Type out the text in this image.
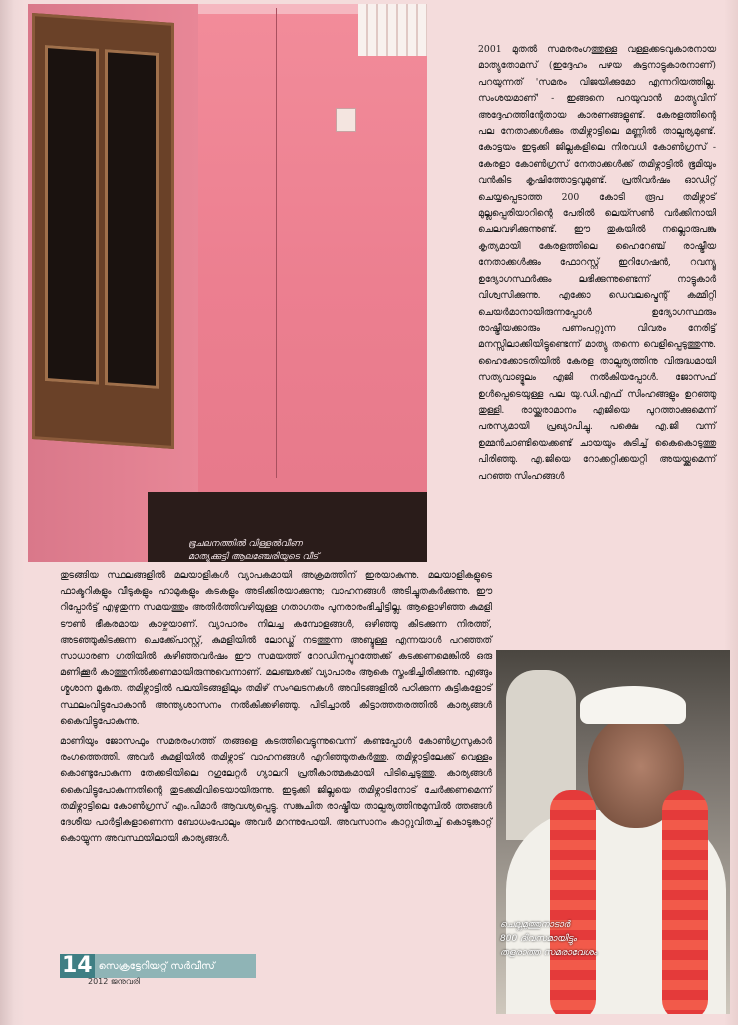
ഭൂചലനത്തിൽ വിള്ളൽവീണ
മാത്യുക്കുട്ടി ആലഞ്ചേരിയുടെ വീട്

2001 മുതൽ സമരരംഗത്തുള്ള വള്ളക്കടവുകാരനായ മാത്യുതോമസ് (ഇദ്ദേഹം പഴയ കുട്ടനാട്ടുകാരനാണ്) പറയുന്നത് 'സമരം വിജയിക്കുമോ എന്നറിയത്തില്ല. സംശയമാണ്' - ഇങ്ങനെ പറയുവാൻ മാത്യുവിന് അദ്ദേഹത്തിന്റേതായ കാരണങ്ങളുണ്ട്. കേരളത്തിന്റെ പല നേതാക്കൾക്കും തമിഴ്നാട്ടിലെ മണ്ണിൽ താല്പര്യമുണ്ട്. കോട്ടയം ഇടുക്കി ജില്ലകളിലെ നിരവധി കോൺഗ്രസ് - കേരളാ കോൺഗ്രസ് നേതാക്കൾക്ക് തമിഴ്നാട്ടിൽ ഭൂമിയും വൻകിട കൃഷിത്തോട്ടവുമുണ്ട്. പ്രതിവർഷം ഓഡിറ്റ് ചെയ്യപ്പെടാത്ത 200 കോടി രൂപ തമിഴ്നാട് മുല്ലപ്പെരിയാറിന്റെ പേരിൽ ലെയ്സൺ വർക്കിനായി ചെലവഴിക്കുന്നുണ്ട്. ഈ തുകയിൽ നല്ലൊരുപങ്കു കൃത്യമായി കേരളത്തിലെ ഹൈറേഞ്ച് രാഷ്ട്രീയ നേതാക്കൾക്കും ഫോറസ്റ്റ് ഇറിഗേഷൻ, റവന്യൂ ഉദ്യോഗസ്ഥർക്കും ലഭിക്കുന്നുണ്ടെന്ന് നാട്ടുകാർ വിശ്വസിക്കുന്നു. എക്കോ ഡെവലപ്മെന്റ് കമ്മിറ്റി ചെയർമാനായിരുന്നപ്പോൾ ഉദ്യോഗസ്ഥരും രാഷ്ട്രീയക്കാരും പണംപറ്റുന്ന വിവരം നേരിട്ട് മനസ്സിലാക്കിയിട്ടുണ്ടെന്ന് മാത്യു തന്നെ വെളിപ്പെടുത്തുന്നു. ഹൈക്കോടതിയിൽ കേരള താല്പര്യത്തിനു വിരുദ്ധമായി സത്യവാങ്മൂലം എജി നൽകിയപ്പോൾ. ജോസഫ് ഉൾപ്പെടെയുള്ള പല യു.ഡി.എഫ് സിംഹങ്ങളും ഉറഞ്ഞു തുള്ളി. രായ്ക്കുരാമാനം എജിയെ പുറത്താക്കുമെന്ന് പരസ്യമായി പ്രഖ്യാപിച്ചു. പക്ഷെ എ.ജി വന്ന് ഉമ്മൻചാണ്ടിയെക്കണ്ട് ചായയും കുടിച്ച് കൈകൊടുത്തു പിരിഞ്ഞു. എ.ജിയെ റോക്കറ്റിക്കയറ്റി അയയ്ക്കുമെന്ന് പറഞ്ഞ സിംഹങ്ങൾ

തുടങ്ങിയ സ്ഥലങ്ങളിൽ മലയാളികൾ വ്യാപകമായി അക്രമത്തിന് ഇരയാകുന്നു. മലയാളികളുടെ ഫാക്ടറികളും വീടുകളും ഹാമുകളും കടകളും അടിക്കിരയാക്കുന്നു; വാഹനങ്ങൾ അടിച്ചുതകർക്കുന്നു. ഈ റിപ്പോർട്ട് എഴുതുന്ന സമയത്തും അതിർത്തിവഴിയുള്ള ഗതാഗതം പുനരാരംഭിച്ചിട്ടില്ല. ആളൊഴിഞ്ഞ കുമളി ടൗൺ ഭീകരമായ കാഴ്ചയാണ്. വ്യാപാരം നിലച്ച കമ്പോളങ്ങൾ, ഒഴിഞ്ഞു കിടക്കുന്ന നിരത്ത്, അടഞ്ഞുകിടക്കുന്ന ചെക്ക്പോസ്റ്റ്, കുമളിയിൽ ലോഡ്ജ് നടത്തുന്ന അബ്ദുള്ള എന്നയാൾ പറഞ്ഞത് സാധാരണ ഗതിയിൽ കഴിഞ്ഞവർഷം ഈ സമയത്ത് റോഡിനപ്പുറത്തേക്ക് കടക്കണമെങ്കിൽ ഒരു മണിക്കൂർ കാത്തുനിൽക്കണമായിരുന്നുവെന്നാണ്. മലഞ്ചരക്ക് വ്യാപാരം ആകെ സ്തംഭിച്ചിരിക്കുന്നു. എങ്ങും ശ്മശാന മൂകത. തമിഴ്നാട്ടിൽ പലയിടങ്ങളിലും തമിഴ് സംഘടനകൾ അവിടങ്ങളിൽ പഠിക്കുന്ന കുട്ടികളോട് സ്ഥലംവിട്ടുപോകാൻ അന്ത്യശാസനം നൽകിക്കഴിഞ്ഞു. പിടിച്ചാൽ കിട്ടാത്തതരത്തിൽ കാര്യങ്ങൾ കൈവിട്ടുപോകുന്നു.

മാണിയും ജോസഫും സമരരംഗത്ത് തങ്ങളെ കടത്തിവെട്ടുന്നുവെന്ന് കണ്ടപ്പോൾ കോൺഗ്രസുകാർ രംഗത്തെത്തി. അവർ കുമളിയിൽ തമിഴ്നാട് വാഹനങ്ങൾ എറിഞ്ഞുതകർത്തു. തമിഴ്നാട്ടിലേക്ക് വെള്ളം കൊണ്ടുപോകുന്ന തേക്കടിയിലെ റഗുലേറ്റർ ഗ്യാലറി പ്രതീകാത്മകമായി പിടിച്ചെടുത്തു. കാര്യങ്ങൾ കൈവിട്ടുപോകുന്നതിന്റെ തുടക്കമിവിടെയായിരുന്നു. ഇടുക്കി ജില്ലയെ തമിഴ്നാടിനോട് ചേർക്കണമെന്ന് തമിഴ്നാട്ടിലെ കോൺഗ്രസ് എം.പിമാർ ആവശ്യപ്പെട്ടു. സങ്കുചിത രാഷ്ട്രീയ താല്പര്യത്തിനുമുമ്പിൽ ത്തങ്ങൾ ദേശീയ പാർട്ടികളാണെന്ന ബോധംപോലും അവർ മറന്നുപോയി. അവസാനം കാറ്റുവിതച്ച് കൊടുങ്കാറ്റ് കൊയ്യുന്ന അവസ്ഥയിലായി കാര്യങ്ങൾ.

ചെല്ലമുത്തുനാടാർ
800 ദിവസമായിട്ടും
തളരാത്ത സമരാവേശം
14 സെക്രട്ടേറിയറ്റ് സർവീസ്
2012 ജനുവരി
